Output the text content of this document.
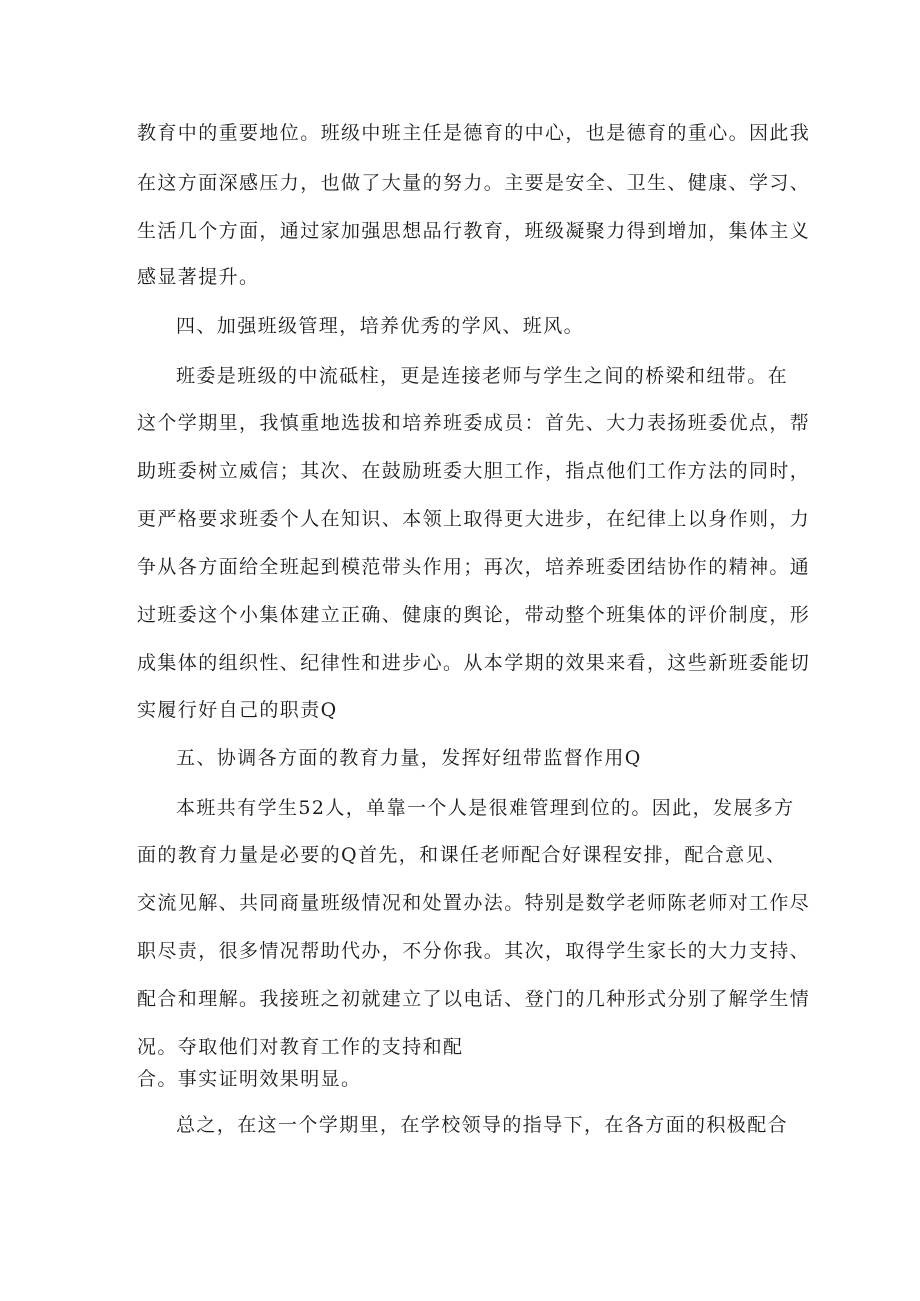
教育中的重要地位。班级中班主任是德育的中心，也是德育的重心。因此我
在这方面深感压力，也做了大量的努力。主要是安全、卫生、健康、学习、
生活几个方面，通过家加强思想品行教育，班级凝聚力得到增加，集体主义
感显著提升。
四、加强班级管理，培养优秀的学风、班风。
班委是班级的中流砥柱，更是连接老师与学生之间的桥梁和纽带。在
这个学期里，我慎重地选拔和培养班委成员：首先、大力表扬班委优点，帮
助班委树立威信；其次、在鼓励班委大胆工作，指点他们工作方法的同时，
更严格要求班委个人在知识、本领上取得更大进步，在纪律上以身作则，力
争从各方面给全班起到模范带头作用；再次，培养班委团结协作的精神。通
过班委这个小集体建立正确、健康的舆论，带动整个班集体的评价制度，形
成集体的组织性、纪律性和进步心。从本学期的效果来看，这些新班委能切
实履行好自己的职责Q
五、协调各方面的教育力量，发挥好纽带监督作用Q
本班共有学生52人，单靠一个人是很难管理到位的。因此，发展多方
面的教育力量是必要的Q首先，和课任老师配合好课程安排，配合意见、
交流见解、共同商量班级情况和处置办法。特别是数学老师陈老师对工作尽
职尽责，很多情况帮助代办，不分你我。其次，取得学生家长的大力支持、
配合和理解。我接班之初就建立了以电话、登门的几种形式分别了解学生情
况。夺取他们对教育工作的支持和配
合。事实证明效果明显。
总之，在这一个学期里，在学校领导的指导下，在各方面的积极配合
